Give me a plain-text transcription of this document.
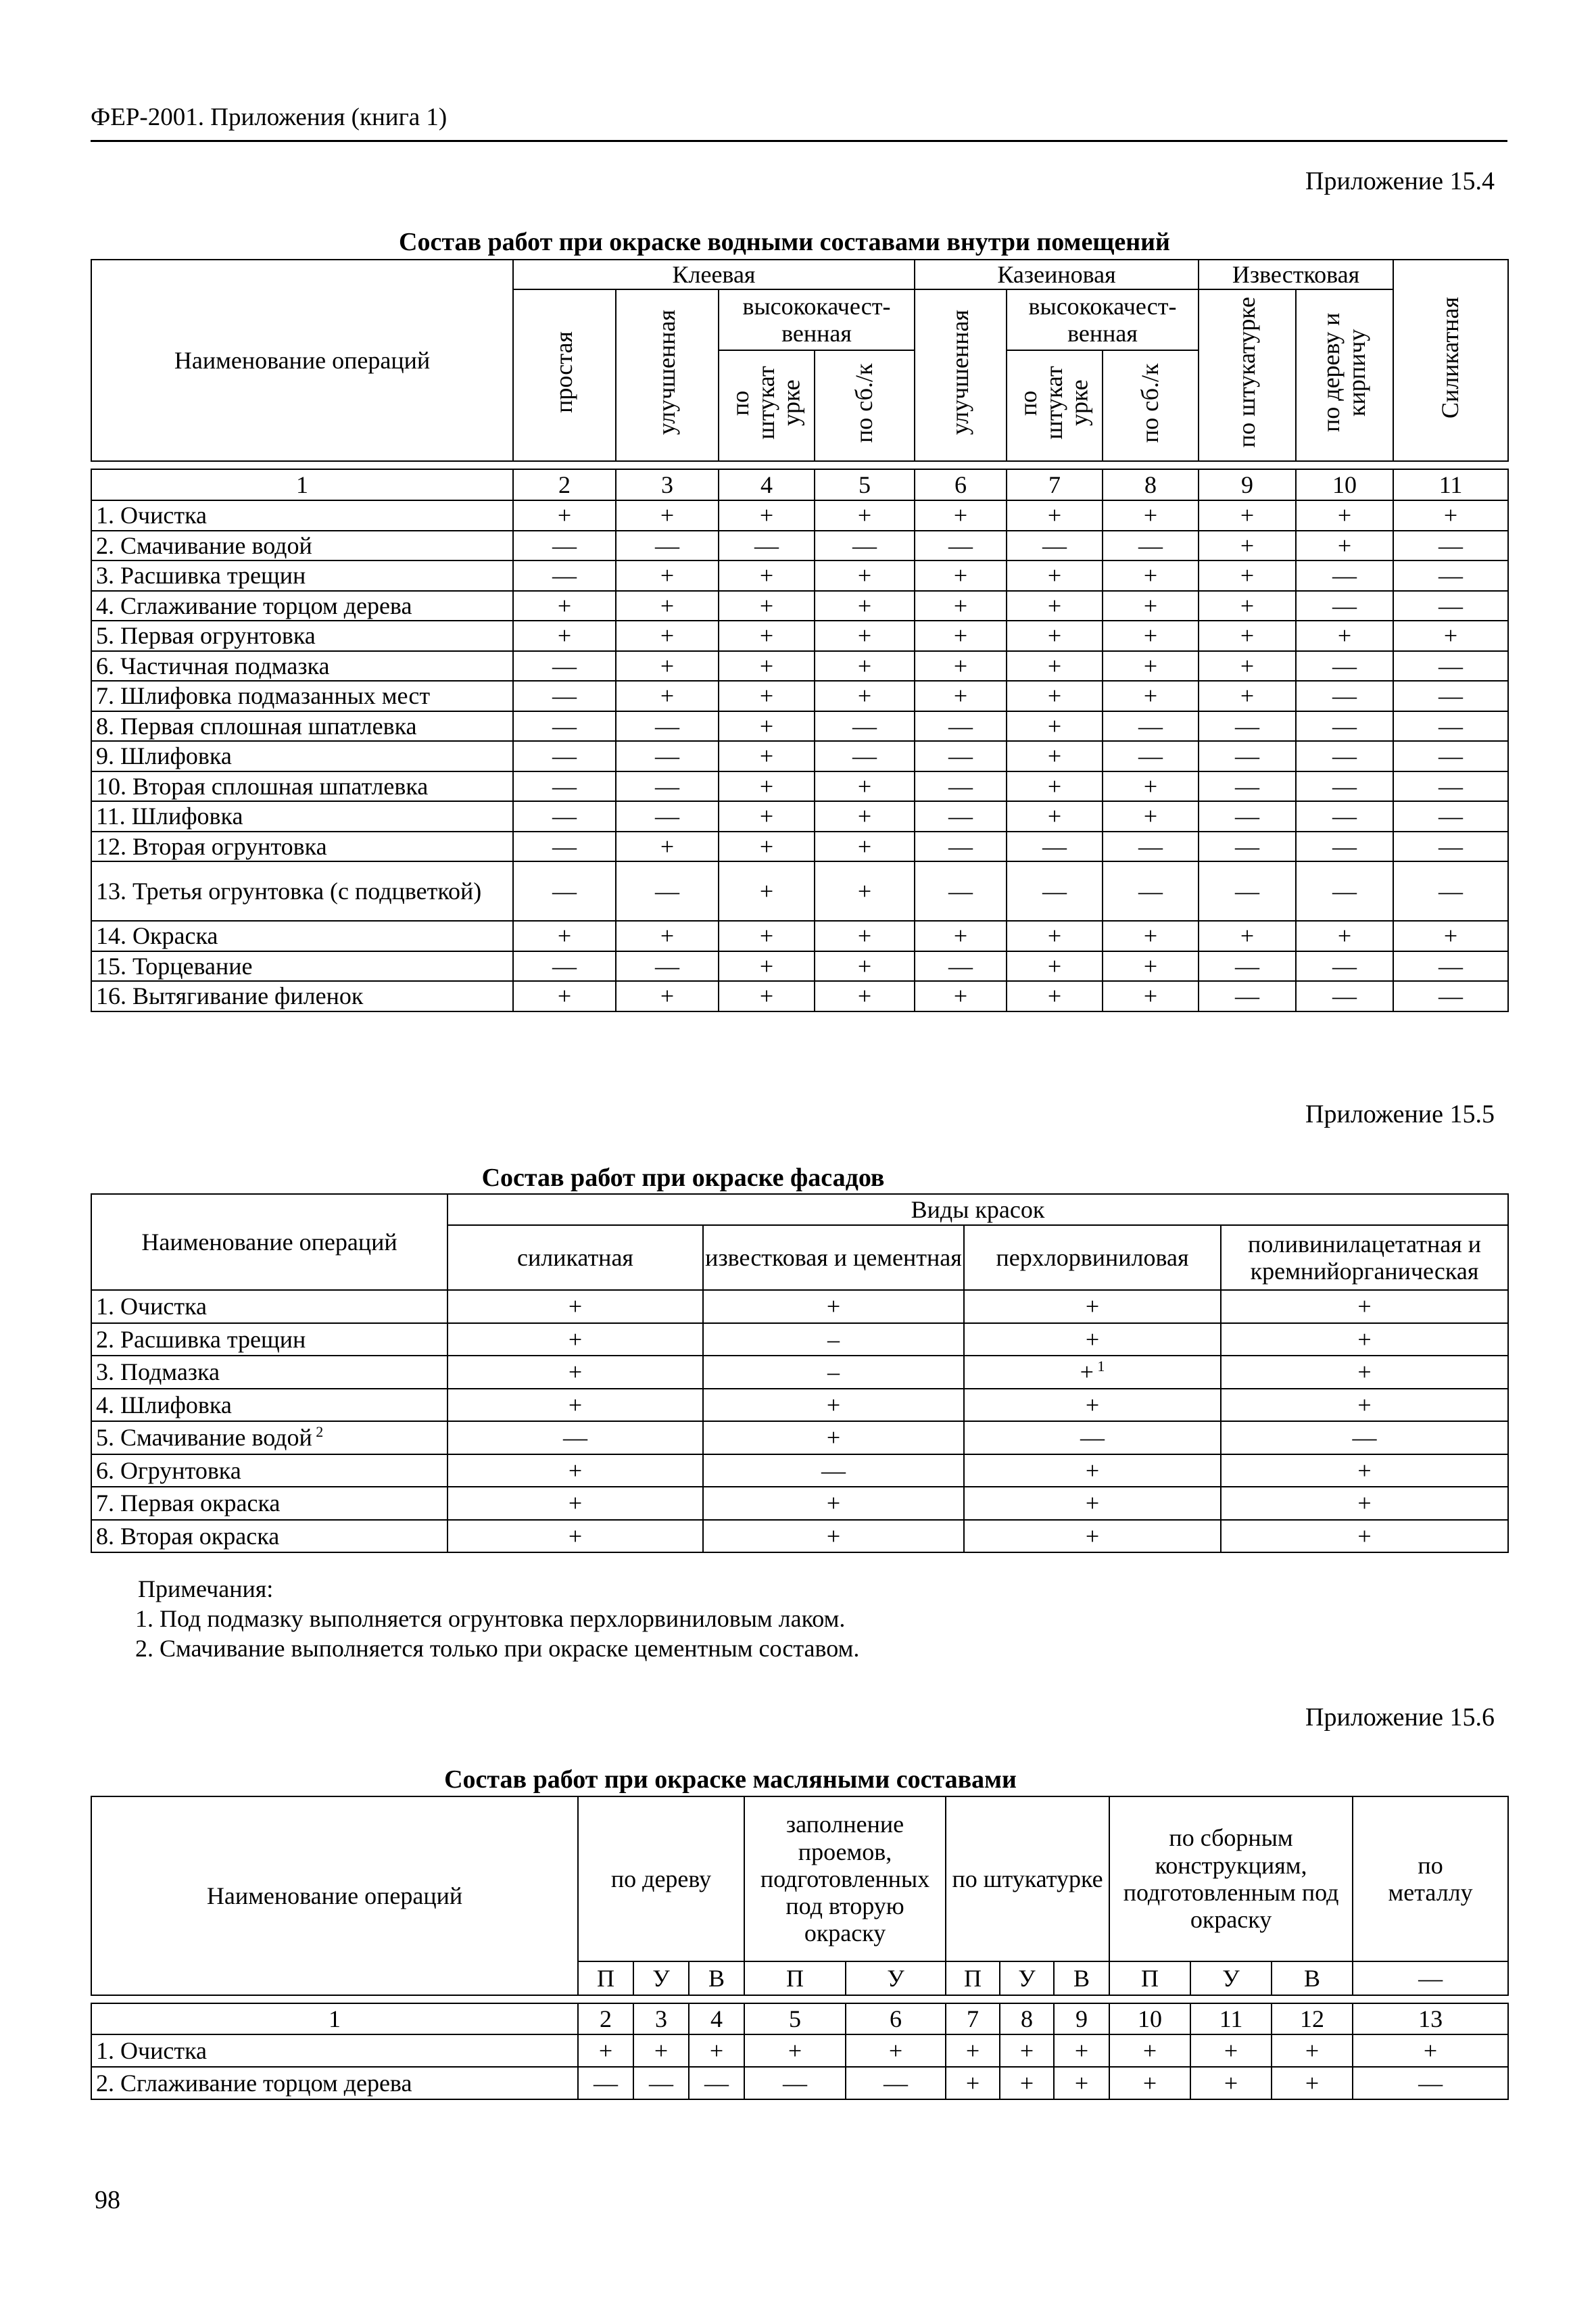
ФЕР-2001. Приложения (книга 1)
Приложение 15.4
Состав работ при окраске водными составами внутри помещений
Наименование операций	Клеевая				Казеиновая			Известковая		Силикатная
	простая	улучшенная	высококачест-венная		улучшенная	высококачест-венная		по штукатурке	по дереву и кирпичу	
			по штукат урке	по сб./к		по штукат урке	по сб./к			

1	2	3	4	5	6	7	8	9	10	11
1. Очистка	+	+	+	+	+	+	+	+	+	+
2. Смачивание водой	—	—	—	—	—	—	—	+	+	—
3. Расшивка трещин	—	+	+	+	+	+	+	+	—	—
4. Сглаживание торцом дерева	+	+	+	+	+	+	+	+	—	—
5. Первая огрунтовка	+	+	+	+	+	+	+	+	+	+
6. Частичная подмазка	—	+	+	+	+	+	+	+	—	—
7. Шлифовка подмазанных мест	—	+	+	+	+	+	+	+	—	—
8. Первая сплошная шпатлевка	—	—	+	—	—	+	—	—	—	—
9. Шлифовка	—	—	+	—	—	+	—	—	—	—
10. Вторая сплошная шпатлевка	—	—	+	+	—	+	+	—	—	—
11. Шлифовка	—	—	+	+	—	+	+	—	—	—
12. Вторая огрунтовка	—	+	+	+	—	—	—	—	—	—
13. Третья огрунтовка (с подцветкой)	—	—	+	+	—	—	—	—	—	—
14. Окраска	+	+	+	+	+	+	+	+	+	+
15. Торцевание	—	—	+	+	—	+	+	—	—	—
16. Вытягивание филенок	+	+	+	+	+	+	+	—	—	—
Приложение 15.5
Состав работ при окраске фасадов
Наименование операций	Виды красок			
	силикатная	известковая и цементная	перхлорвиниловая	поливинилацетатная и кремнийорганическая
1. Очистка	+	+	+	+
2. Расшивка трещин	+	–	+	+
3. Подмазка	+	–	+ $^1$	+
4. Шлифовка	+	+	+	+
5. Смачивание водой $^2$	—	+	—	—
6. Огрунтовка	+	—	+	+
7. Первая окраска	+	+	+	+
8. Вторая окраска	+	+	+	+
Примечания:
1. Под подмазку выполняется огрунтовка перхлорвиниловым лаком.
2. Смачивание выполняется только при окраске цементным составом.
Приложение 15.6
Состав работ при окраске масляными составами
Наименование операций	по дереву			заполнение проемов, подготовленных под вторую окраску		по штукатурке			по сборным конструкциям, подготовленным под окраску			по металлу
	П	У	В	П	У	П	У	В	П	У	В	—

1	2	3	4	5	6	7	8	9	10	11	12	13
1. Очистка	+	+	+	+	+	+	+	+	+	+	+	+
2. Сглаживание торцом дерева	—	—	—	—	—	+	+	+	+	+	+	—
98
